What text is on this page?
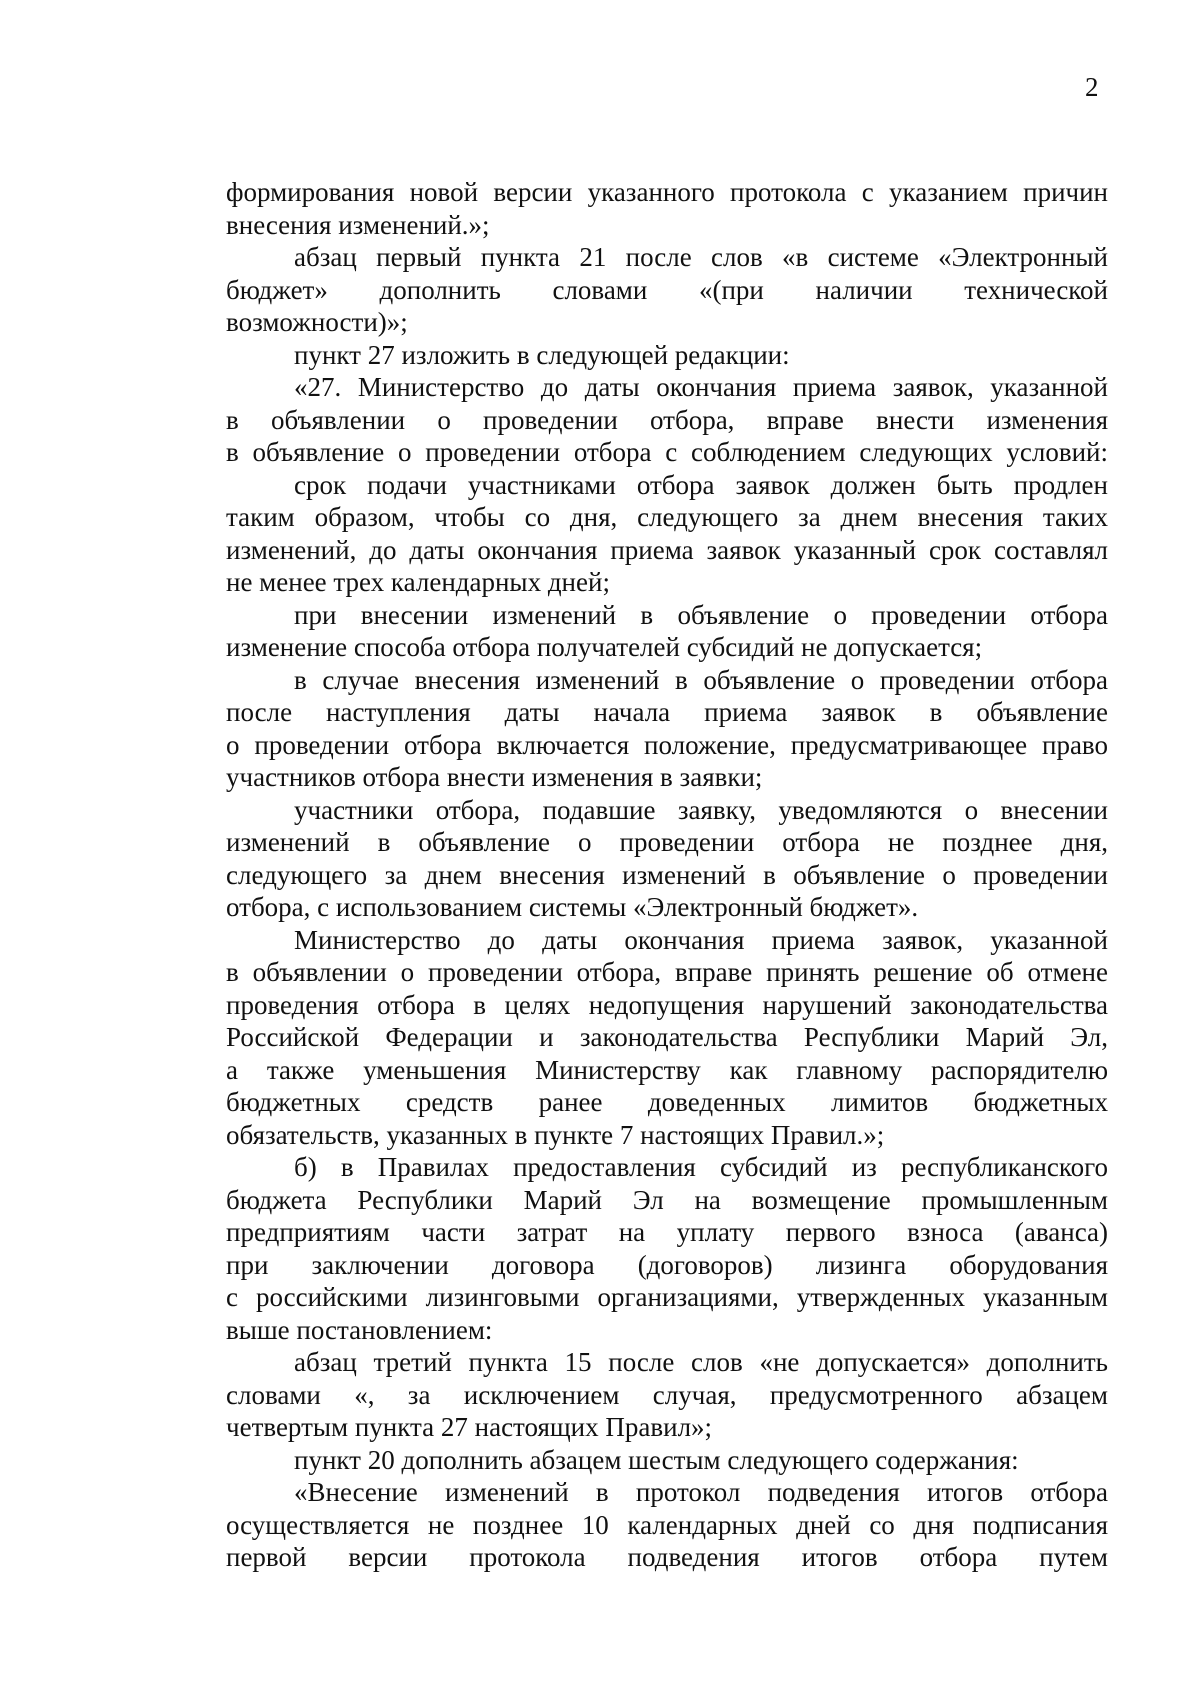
2
формирования новой версии указанного протокола с указанием причин
внесения изменений.»;
абзац первый пункта 21 после слов «в системе «Электронный
бюджет» дополнить словами «(при наличии технической
возможности)»;
пункт 27 изложить в следующей редакции:
«27. Министерство до даты окончания приема заявок, указанной
в объявлении о проведении отбора, вправе внести изменения
в объявление о проведении отбора с соблюдением следующих условий:
срок подачи участниками отбора заявок должен быть продлен
таким образом, чтобы со дня, следующего за днем внесения таких
изменений, до даты окончания приема заявок указанный срок составлял
не менее трех календарных дней;
при внесении изменений в объявление о проведении отбора
изменение способа отбора получателей субсидий не допускается;
в случае внесения изменений в объявление о проведении отбора
после наступления даты начала приема заявок в объявление
о проведении отбора включается положение, предусматривающее право
участников отбора внести изменения в заявки;
участники отбора, подавшие заявку, уведомляются о внесении
изменений в объявление о проведении отбора не позднее дня,
следующего за днем внесения изменений в объявление о проведении
отбора, с использованием системы «Электронный бюджет».
Министерство до даты окончания приема заявок, указанной
в объявлении о проведении отбора, вправе принять решение об отмене
проведения отбора в целях недопущения нарушений законодательства
Российской Федерации и законодательства Республики Марий Эл,
а также уменьшения Министерству как главному распорядителю
бюджетных средств ранее доведенных лимитов бюджетных
обязательств, указанных в пункте 7 настоящих Правил.»;
б) в Правилах предоставления субсидий из республиканского
бюджета Республики Марий Эл на возмещение промышленным
предприятиям части затрат на уплату первого взноса (аванса)
при заключении договора (договоров) лизинга оборудования
с российскими лизинговыми организациями, утвержденных указанным
выше постановлением:
абзац третий пункта 15 после слов «не допускается» дополнить
словами «, за исключением случая, предусмотренного абзацем
четвертым пункта 27 настоящих Правил»;
пункт 20 дополнить абзацем шестым следующего содержания:
«Внесение изменений в протокол подведения итогов отбора
осуществляется не позднее 10 календарных дней со дня подписания
первой версии протокола подведения итогов отбора путем
